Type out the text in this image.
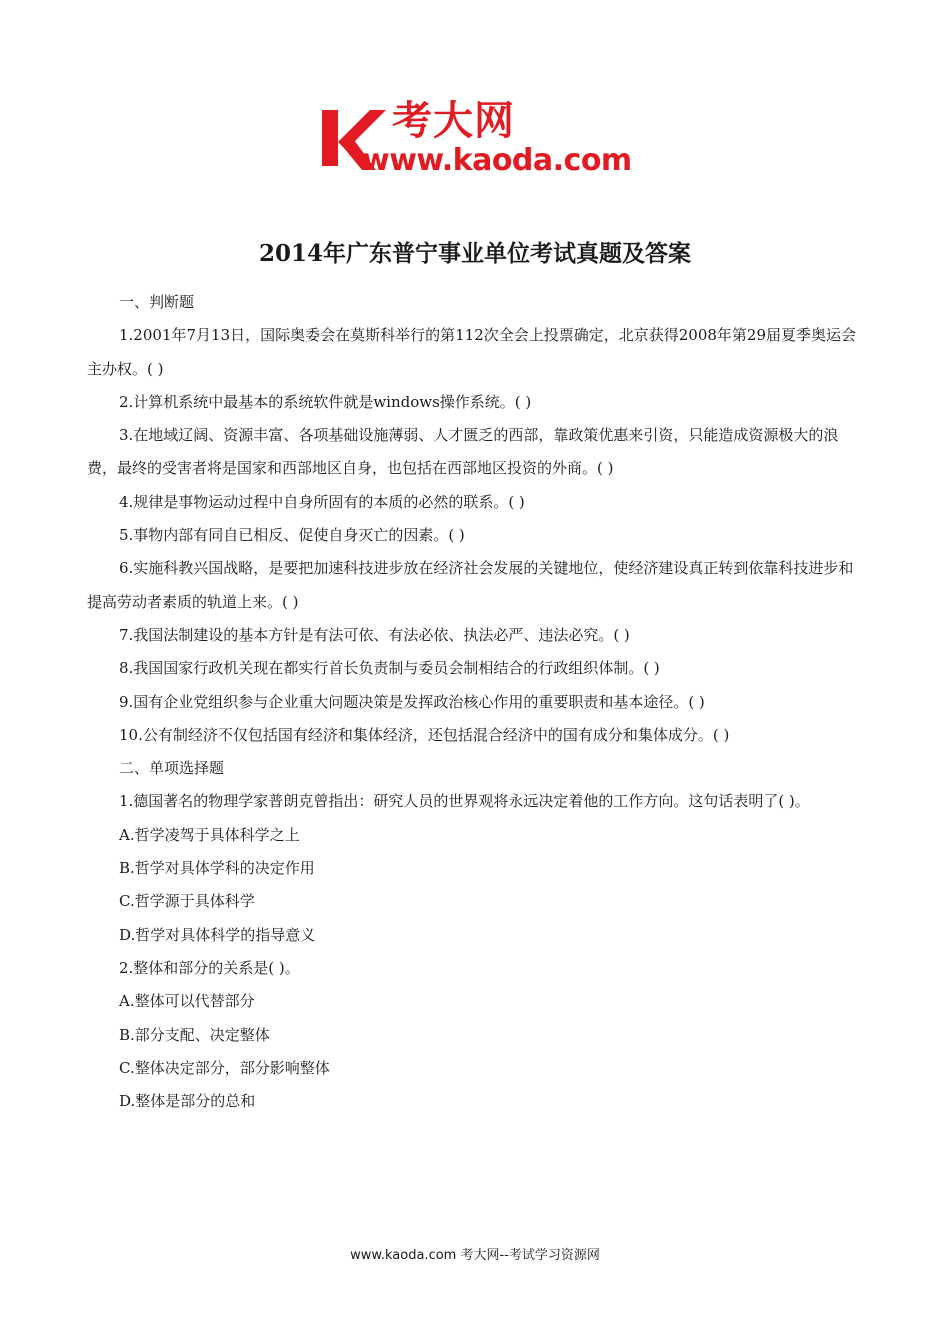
考大网
www.kaoda.com
2014年广东普宁事业单位考试真题及答案

一、判断题

1.2001年7月13日，国际奥委会在莫斯科举行的第112次全会上投票确定，北京获得2008年第29届夏季奥运会主办权。( )

2.计算机系统中最基本的系统软件就是windows操作系统。( )

3.在地域辽阔、资源丰富、各项基础设施薄弱、人才匮乏的西部，靠政策优惠来引资，只能造成资源极大的浪费，最终的受害者将是国家和西部地区自身，也包括在西部地区投资的外商。( )

4.规律是事物运动过程中自身所固有的本质的必然的联系。( )

5.事物内部有同自已相反、促使自身灭亡的因素。( )

6.实施科教兴国战略，是要把加速科技进步放在经济社会发展的关键地位，使经济建设真正转到依靠科技进步和提高劳动者素质的轨道上来。( )

7.我国法制建设的基本方针是有法可依、有法必依、执法必严、违法必究。( )

8.我国国家行政机关现在都实行首长负责制与委员会制相结合的行政组织体制。( )

9.国有企业党组织参与企业重大问题决策是发挥政治核心作用的重要职责和基本途径。( )

10.公有制经济不仅包括国有经济和集体经济，还包括混合经济中的国有成分和集体成分。( )

二、单项选择题

1.德国著名的物理学家普朗克曾指出：研究人员的世界观将永远决定着他的工作方向。这句话表明了( )。

A.哲学凌驾于具体科学之上

B.哲学对具体学科的决定作用

C.哲学源于具体科学

D.哲学对具体科学的指导意义

2.整体和部分的关系是( )。

A.整体可以代替部分

B.部分支配、决定整体

C.整体决定部分，部分影响整体

D.整体是部分的总和

www.kaoda.com 考大网--考试学习资源网
